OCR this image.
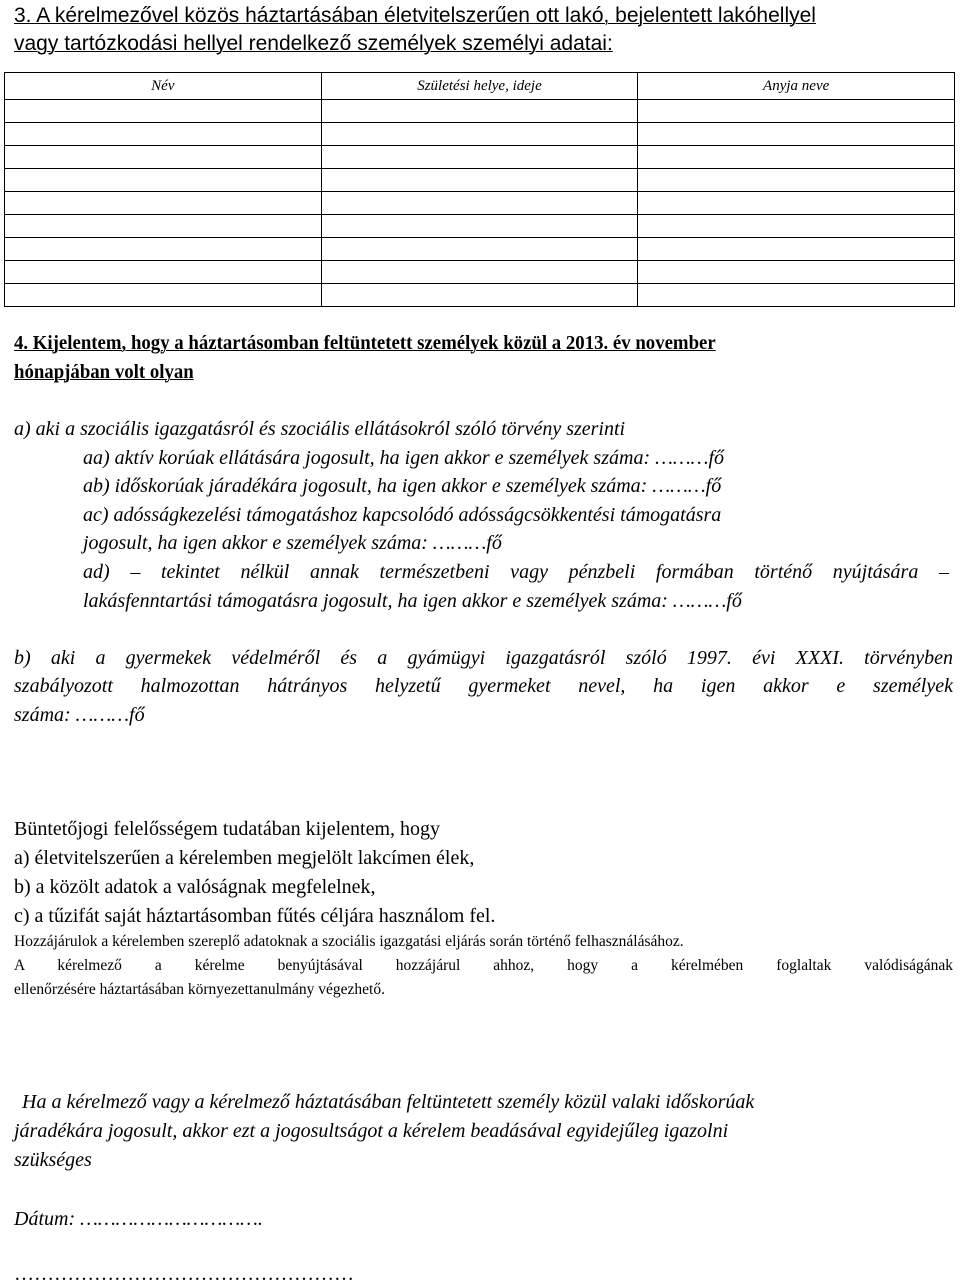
3. A kérelmezővel közös háztartásában életvitelszerűen ott lakó, bejelentett lakóhellyel
vagy tartózkodási hellyel rendelkező személyek személyi adatai:
Név	Születési helye, ideje	Anyja neve

4. Kijelentem, hogy a háztartásomban feltüntetett személyek közül a 2013. év november
hónapjában volt olyan
a) aki a szociális igazgatásról és szociális ellátásokról szóló törvény szerinti
aa) aktív korúak ellátására jogosult, ha igen akkor e személyek száma: ………fő
ab) időskorúak járadékára jogosult, ha igen akkor e személyek száma: ………fő
ac) adósságkezelési támogatáshoz kapcsolódó adósságcsökkentési támogatásra
jogosult, ha igen akkor e személyek száma: ………fő
ad) – tekintet nélkül annak természetbeni vagy pénzbeli formában történő nyújtására –
lakásfenntartási támogatásra jogosult, ha igen akkor e személyek száma: ………fő
b) aki a gyermekek védelméről és a gyámügyi igazgatásról szóló 1997. évi XXXI. törvényben
szabályozott halmozottan hátrányos helyzetű gyermeket nevel, ha igen akkor e személyek
száma: ………fő
Büntetőjogi felelősségem tudatában kijelentem, hogy
a) életvitelszerűen a kérelemben megjelölt lakcímen élek,
b) a közölt adatok a valóságnak megfelelnek,
c) a tűzifát saját háztartásomban fűtés céljára használom fel.
Hozzájárulok a kérelemben szereplő adatoknak a szociális igazgatási eljárás során történő felhasználásához.
A kérelmező a kérelme benyújtásával hozzájárul ahhoz, hogy a kérelmében foglaltak valódiságának
ellenőrzésére háztartásában környezettanulmány végezhető.
Ha a kérelmező vagy a kérelmező háztatásában feltüntetett személy közül valaki időskorúak
járadékára jogosult, akkor ezt a jogosultságot a kérelem beadásával egyidejűleg igazolni
szükséges
Dátum: ………………………….
……………………………………………
